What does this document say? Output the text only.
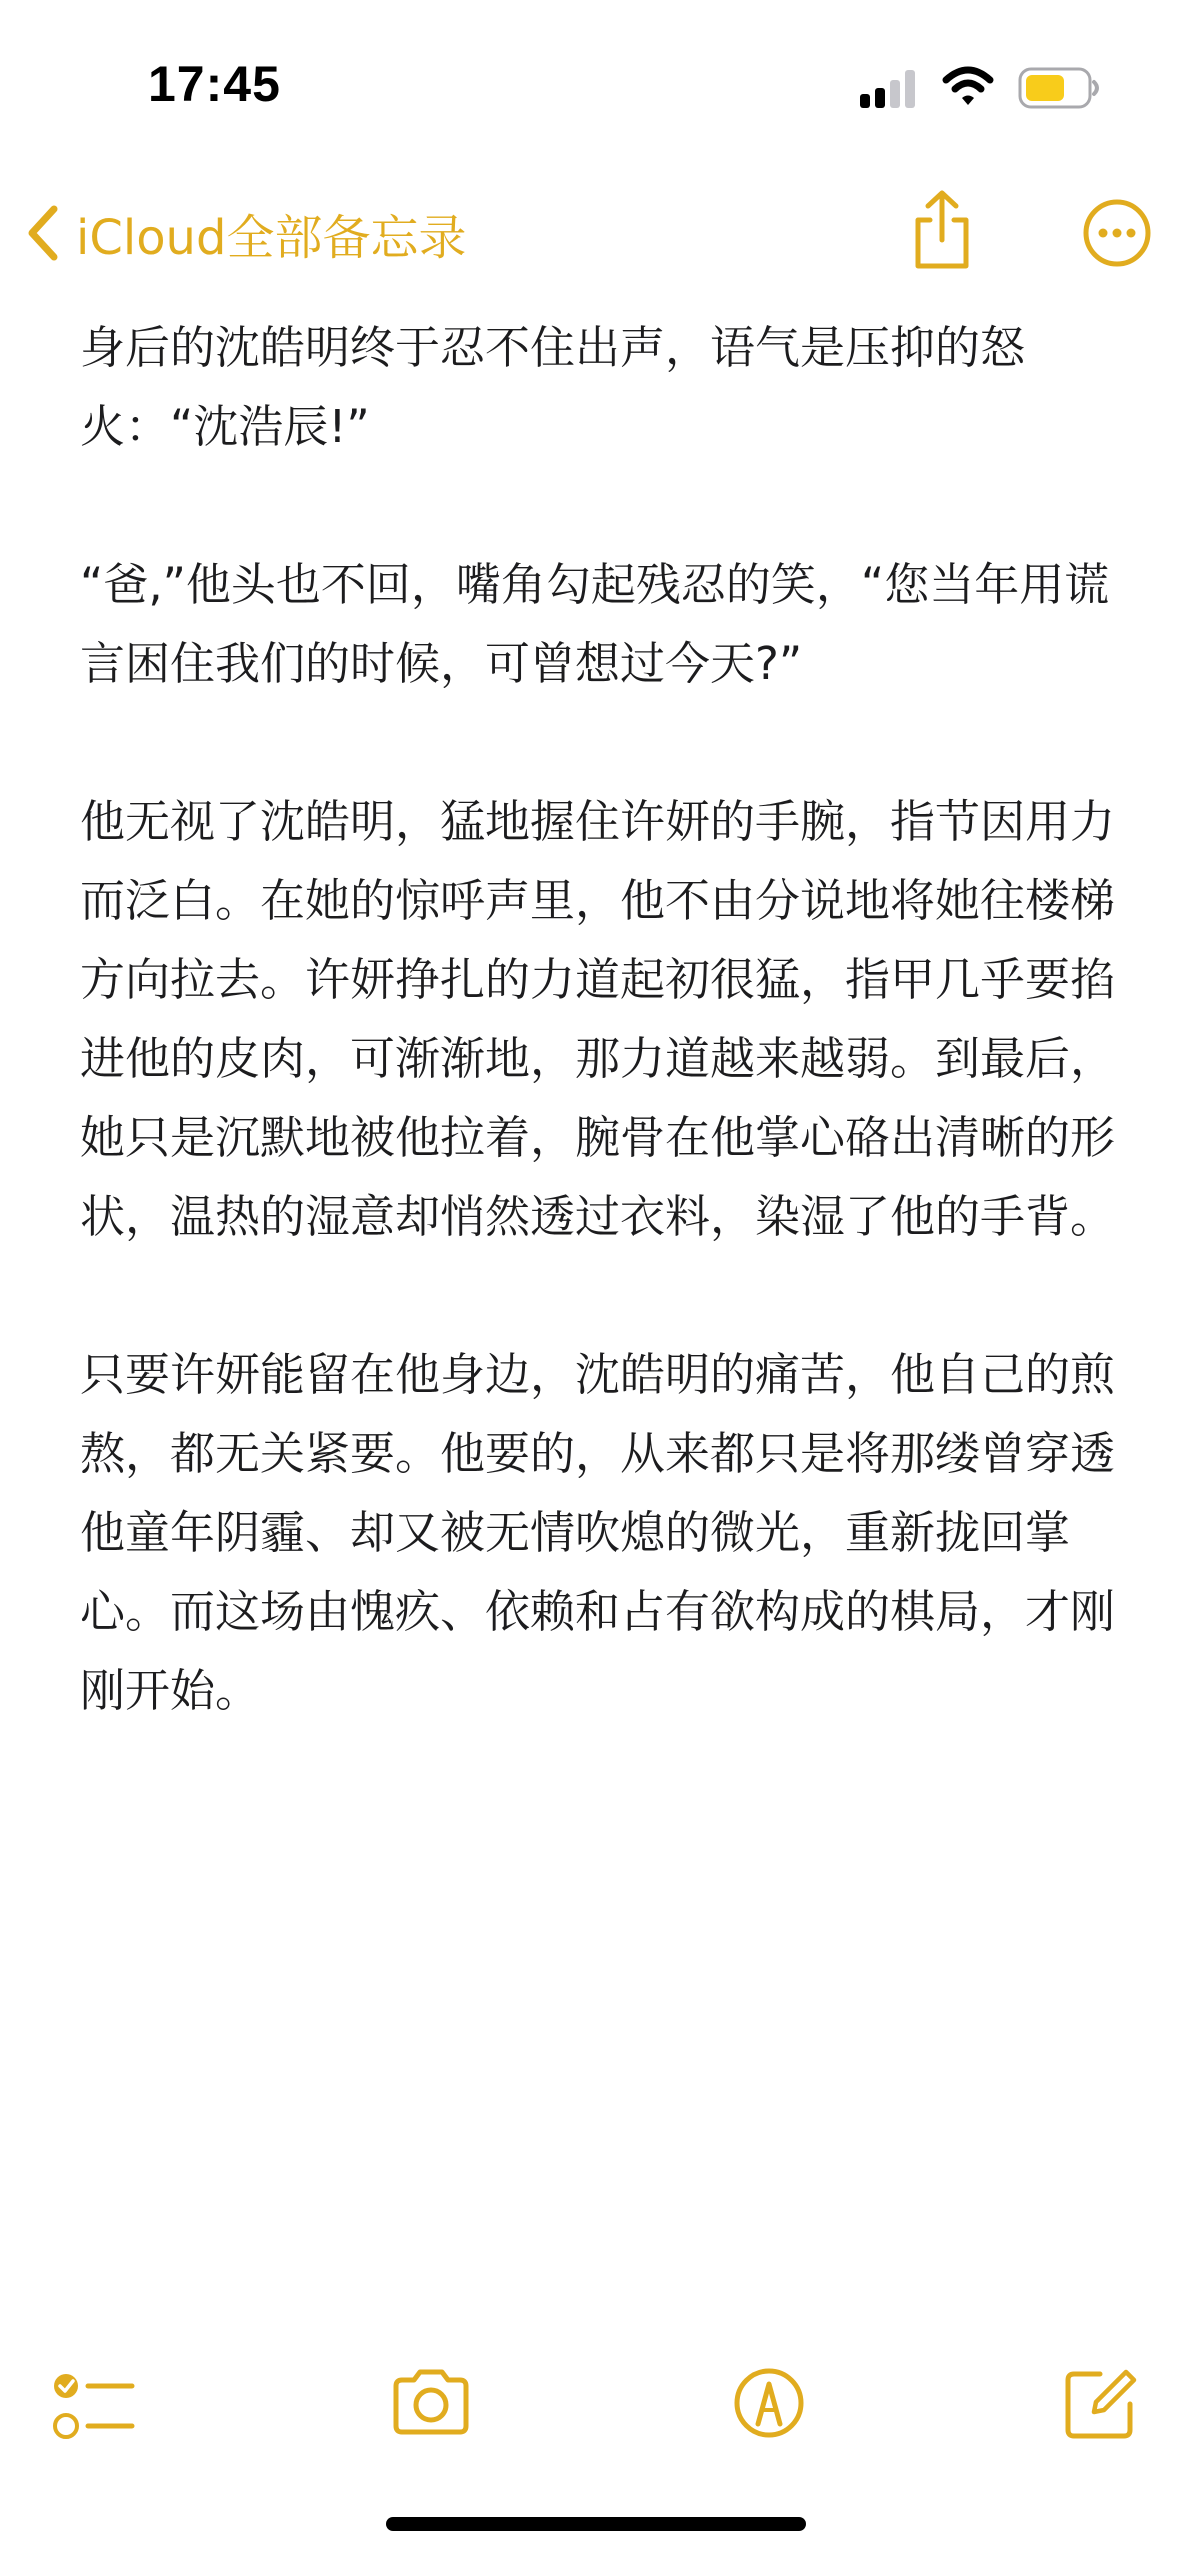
17:45
iCloud全部备忘录

身后的沈皓明终于忍不住出声，语气是压抑的怒火：“沈浩辰!”

“爸,”他头也不回，嘴角勾起残忍的笑，“您当年用谎言困住我们的时候，可曾想过今天?”

他无视了沈皓明，猛地握住许妍的手腕，指节因用力而泛白。在她的惊呼声里，他不由分说地将她往楼梯方向拉去。许妍挣扎的力道起初很猛，指甲几乎要掐进他的皮肉，可渐渐地，那力道越来越弱。到最后，她只是沉默地被他拉着，腕骨在他掌心硌出清晰的形状，温热的湿意却悄然透过衣料，染湿了他的手背。

只要许妍能留在他身边，沈皓明的痛苦，他自己的煎熬，都无关紧要。他要的，从来都只是将那缕曾穿透他童年阴霾、却又被无情吹熄的微光，重新拢回掌心。而这场由愧疚、依赖和占有欲构成的棋局，才刚刚开始。
